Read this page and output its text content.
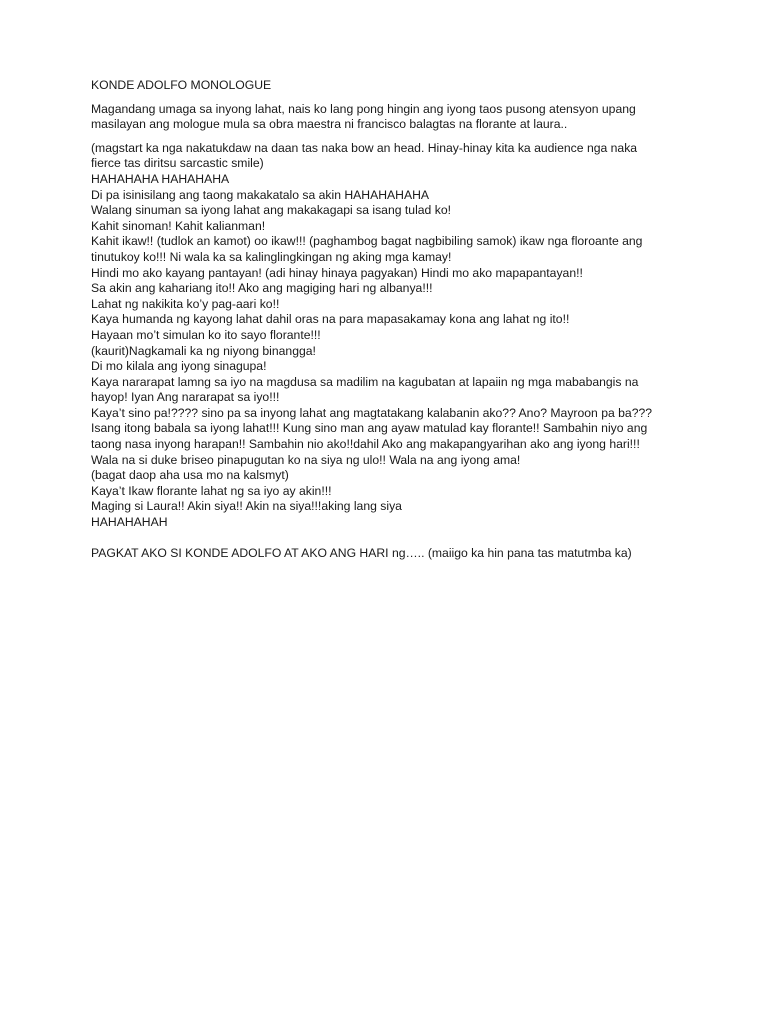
KONDE ADOLFO MONOLOGUE
Magandang umaga sa inyong lahat, nais ko lang pong hingin ang iyong taos pusong atensyon upang
masilayan ang mologue mula sa obra maestra ni francisco balagtas na florante at laura..
(magstart ka nga nakatukdaw na daan tas naka bow an head. Hinay-hinay kita ka audience nga naka
fierce tas diritsu sarcastic smile)
HAHAHAHA HAHAHAHA
Di pa isinisilang ang taong makakatalo sa akin HAHAHAHAHA
Walang sinuman sa iyong lahat ang makakagapi sa isang tulad ko!
Kahit sinoman! Kahit kalianman!
Kahit ikaw!! (tudlok an kamot) oo ikaw!!! (paghambog bagat nagbibiling samok) ikaw nga floroante ang
tinutukoy ko!!! Ni wala ka sa kalinglingkingan ng aking mga kamay!
Hindi mo ako kayang pantayan! (adi hinay hinaya pagyakan) Hindi mo ako mapapantayan!!
Sa akin ang kahariang ito!! Ako ang magiging hari ng albanya!!!
Lahat ng nakikita ko’y pag-aari ko!!
Kaya humanda ng kayong lahat dahil oras na para mapasakamay kona ang lahat ng ito!!
Hayaan mo’t simulan ko ito sayo florante!!!
(kaurit)Nagkamali ka ng niyong binangga!
Di mo kilala ang iyong sinagupa!
Kaya nararapat lamng sa iyo na magdusa sa madilim na kagubatan at lapaiin ng mga mababangis na
hayop! Iyan Ang nararapat sa iyo!!!
Kaya’t sino pa!???? sino pa sa inyong lahat ang magtatakang kalabanin ako?? Ano? Mayroon pa ba???
Isang itong babala sa iyong lahat!!! Kung sino man ang ayaw matulad kay florante!! Sambahin niyo ang
taong nasa inyong harapan!! Sambahin nio ako!!dahil Ako ang makapangyarihan ako ang iyong hari!!!
Wala na si duke briseo pinapugutan ko na siya ng ulo!! Wala na ang iyong ama!
(bagat daop aha usa mo na kalsmyt)
Kaya’t Ikaw florante lahat ng sa iyo ay akin!!!
Maging si Laura!! Akin siya!! Akin na siya!!!aking lang siya
HAHAHAHAH
PAGKAT AKO SI KONDE ADOLFO AT AKO ANG HARI ng….. (maiigo ka hin pana tas matutmba ka)
